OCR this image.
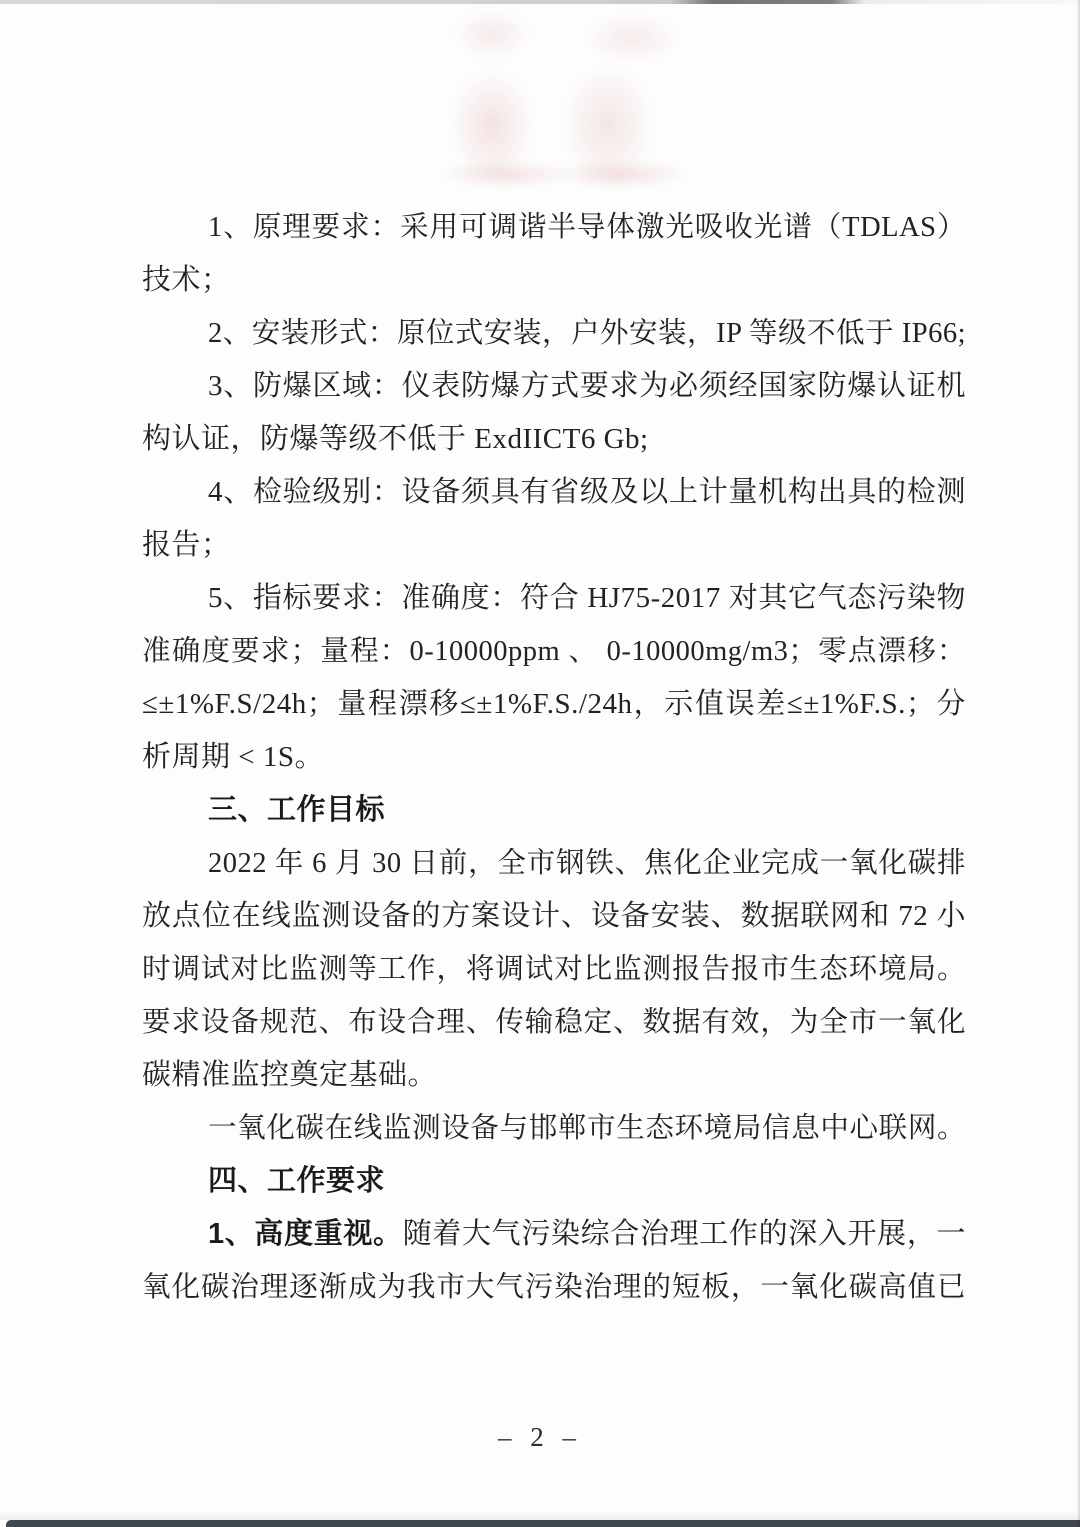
1、原理要求：采用可调谐半导体激光吸收光谱（TDLAS）
技术；
2、安装形式：原位式安装，户外安装，IP 等级不低于 IP66;
3、防爆区域：仪表防爆方式要求为必须经国家防爆认证机
构认证，防爆等级不低于 ExdIICT6 Gb;
4、检验级别：设备须具有省级及以上计量机构出具的检测
报告；
5、指标要求：准确度：符合 HJ75-2017 对其它气态污染物
准确度要求；量程：0-10000ppm 、 0-10000mg/m3；零点漂移：
≤±1%F.S/24h；量程漂移≤±1%F.S./24h，示值误差≤±1%F.S.；分
析周期 < 1S。
三、工作目标
2022 年 6 月 30 日前，全市钢铁、焦化企业完成一氧化碳排
放点位在线监测设备的方案设计、设备安装、数据联网和 72 小
时调试对比监测等工作，将调试对比监测报告报市生态环境局。
要求设备规范、布设合理、传输稳定、数据有效，为全市一氧化
碳精准监控奠定基础。
一氧化碳在线监测设备与邯郸市生态环境局信息中心联网。
四、工作要求
1、高度重视。随着大气污染综合治理工作的深入开展，一
氧化碳治理逐渐成为我市大气污染治理的短板，一氧化碳高值已
– 2 –
